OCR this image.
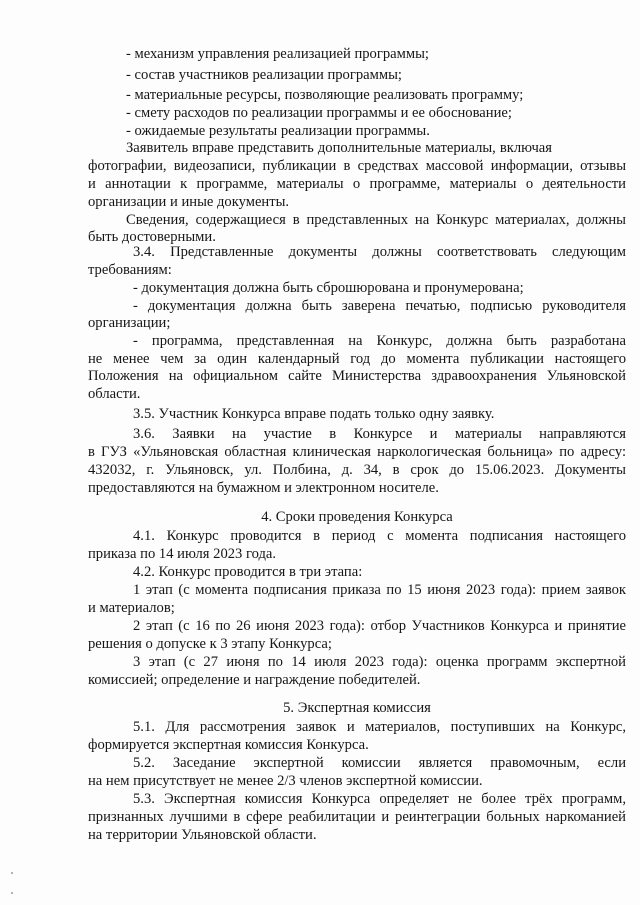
- механизм управления реализацией программы;

- состав участников реализации программы;

- материальные ресурсы, позволяющие реализовать программу;

- смету расходов по реализации программы и ее обоснование;

- ожидаемые результаты реализации программы.

Заявитель вправе представить дополнительные материалы, включая

фотографии, видеозаписи, публикации в средствах массовой информации, отзывы

и аннотации к программе, материалы о программе, материалы о деятельности

организации и иные документы.

Сведения, содержащиеся в представленных на Конкурс материалах, должны

быть достоверными.

3.4. Представленные документы должны соответствовать следующим

требованиям:

- документация должна быть сброшюрована и пронумерована;

- документация должна быть заверена печатью, подписью руководителя

организации;

- программа, представленная на Конкурс, должна быть разработана

не менее чем за один календарный год до момента публикации настоящего

Положения на официальном сайте Министерства здравоохранения Ульяновской

области.

3.5. Участник Конкурса вправе подать только одну заявку.

3.6. Заявки на участие в Конкурсе и материалы направляются

в ГУЗ «Ульяновская областная клиническая наркологическая больница» по адресу:

432032, г. Ульяновск, ул. Полбина, д. 34, в срок до 15.06.2023. Документы

предоставляются на бумажном и электронном носителе.

4. Сроки проведения Конкурса

4.1. Конкурс проводится в период с момента подписания настоящего

приказа по 14 июля 2023 года.

4.2. Конкурс проводится в три этапа:

1 этап (с момента подписания приказа по 15 июня 2023 года): прием заявок

и материалов;

2 этап (с 16 по 26 июня 2023 года): отбор Участников Конкурса и принятие

решения о допуске к 3 этапу Конкурса;

3 этап (с 27 июня по 14 июля 2023 года): оценка программ экспертной

комиссией; определение и награждение победителей.

5. Экспертная комиссия

5.1. Для рассмотрения заявок и материалов, поступивших на Конкурс,

формируется экспертная комиссия Конкурса.

5.2. Заседание экспертной комиссии является правомочным, если

на нем присутствует не менее 2/3 членов экспертной комиссии.

5.3. Экспертная комиссия Конкурса определяет не более трёх программ,

признанных лучшими в сфере реабилитации и реинтеграции больных наркоманией

на территории Ульяновской области.
